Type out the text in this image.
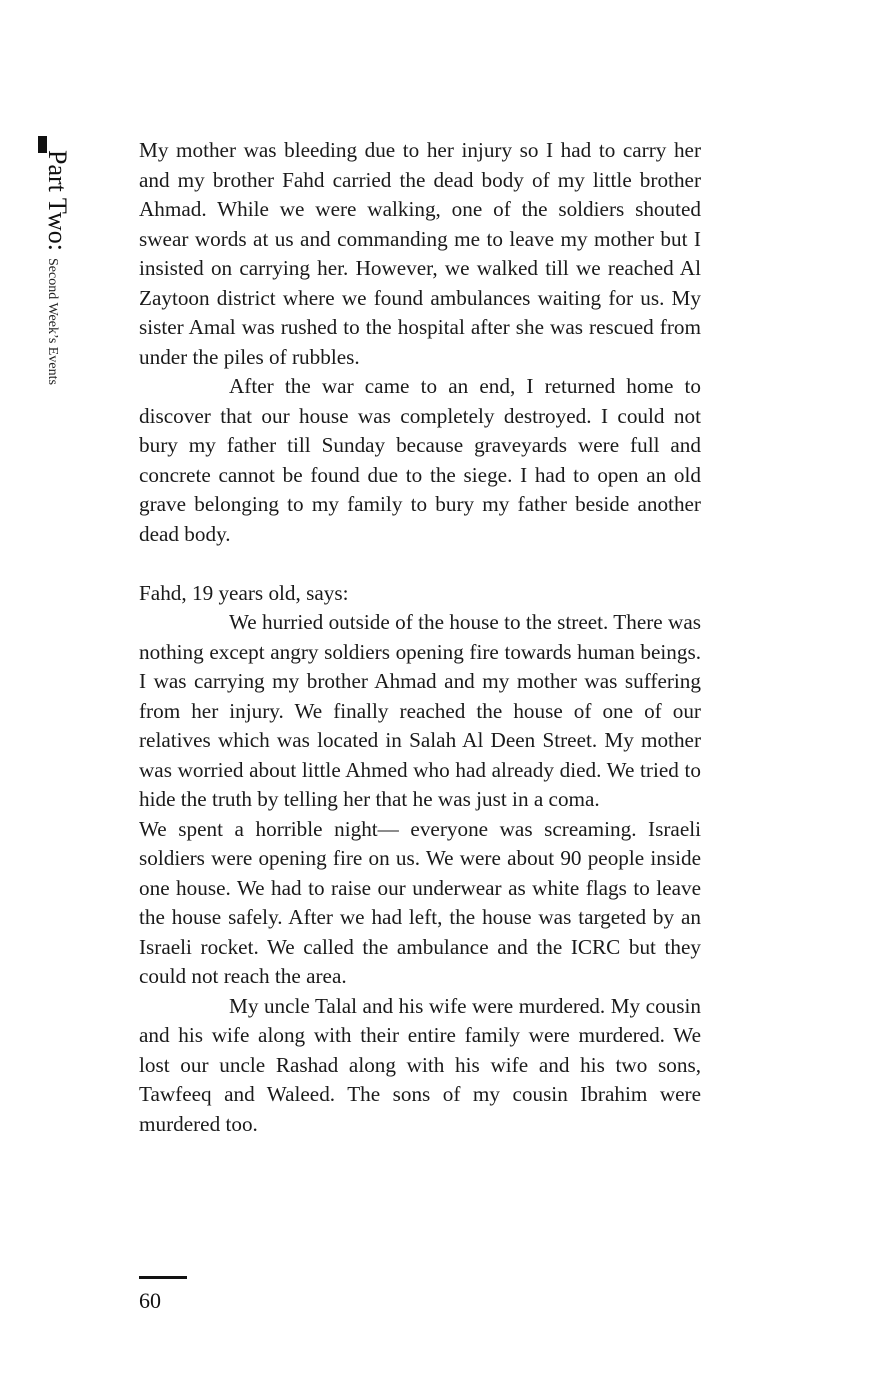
Part Two: Second Week’s Events

My mother was bleeding due to her injury so I had to carry her and my brother Fahd carried the dead body of my little brother Ahmad. While we were walking, one of the soldiers shouted swear words at us and commanding me to leave my mother but I insisted on carrying her. However, we walked till we reached Al Zaytoon district where we found ambulances waiting for us. My sister Amal was rushed to the hospital after she was rescued from under the piles of rubbles.

After the war came to an end, I returned home to discover that our house was completely destroyed. I could not bury my father till Sunday because graveyards were full and concrete cannot be found due to the siege. I had to open an old grave belonging to my family to bury my father beside another dead body.

Fahd, 19 years old, says:

We hurried outside of the house to the street. There was nothing except angry soldiers opening fire towards human beings. I was carrying my brother Ahmad and my mother was suffering from her injury. We finally reached the house of one of our relatives which was located in Salah Al Deen Street. My mother was worried about little Ahmed who had already died. We tried to hide the truth by telling her that he was just in a coma.

We spent a horrible night— everyone was screaming. Israeli soldiers were opening fire on us. We were about 90 people inside one house. We had to raise our underwear as white flags to leave the house safely. After we had left, the house was targeted by an Israeli rocket. We called the ambulance and the ICRC but they could not reach the area.

My uncle Talal and his wife were murdered. My cousin and his wife along with their entire family were murdered. We lost our uncle Rashad along with his wife and his two sons, Tawfeeq and Waleed. The sons of my cousin Ibrahim were murdered too.

60
